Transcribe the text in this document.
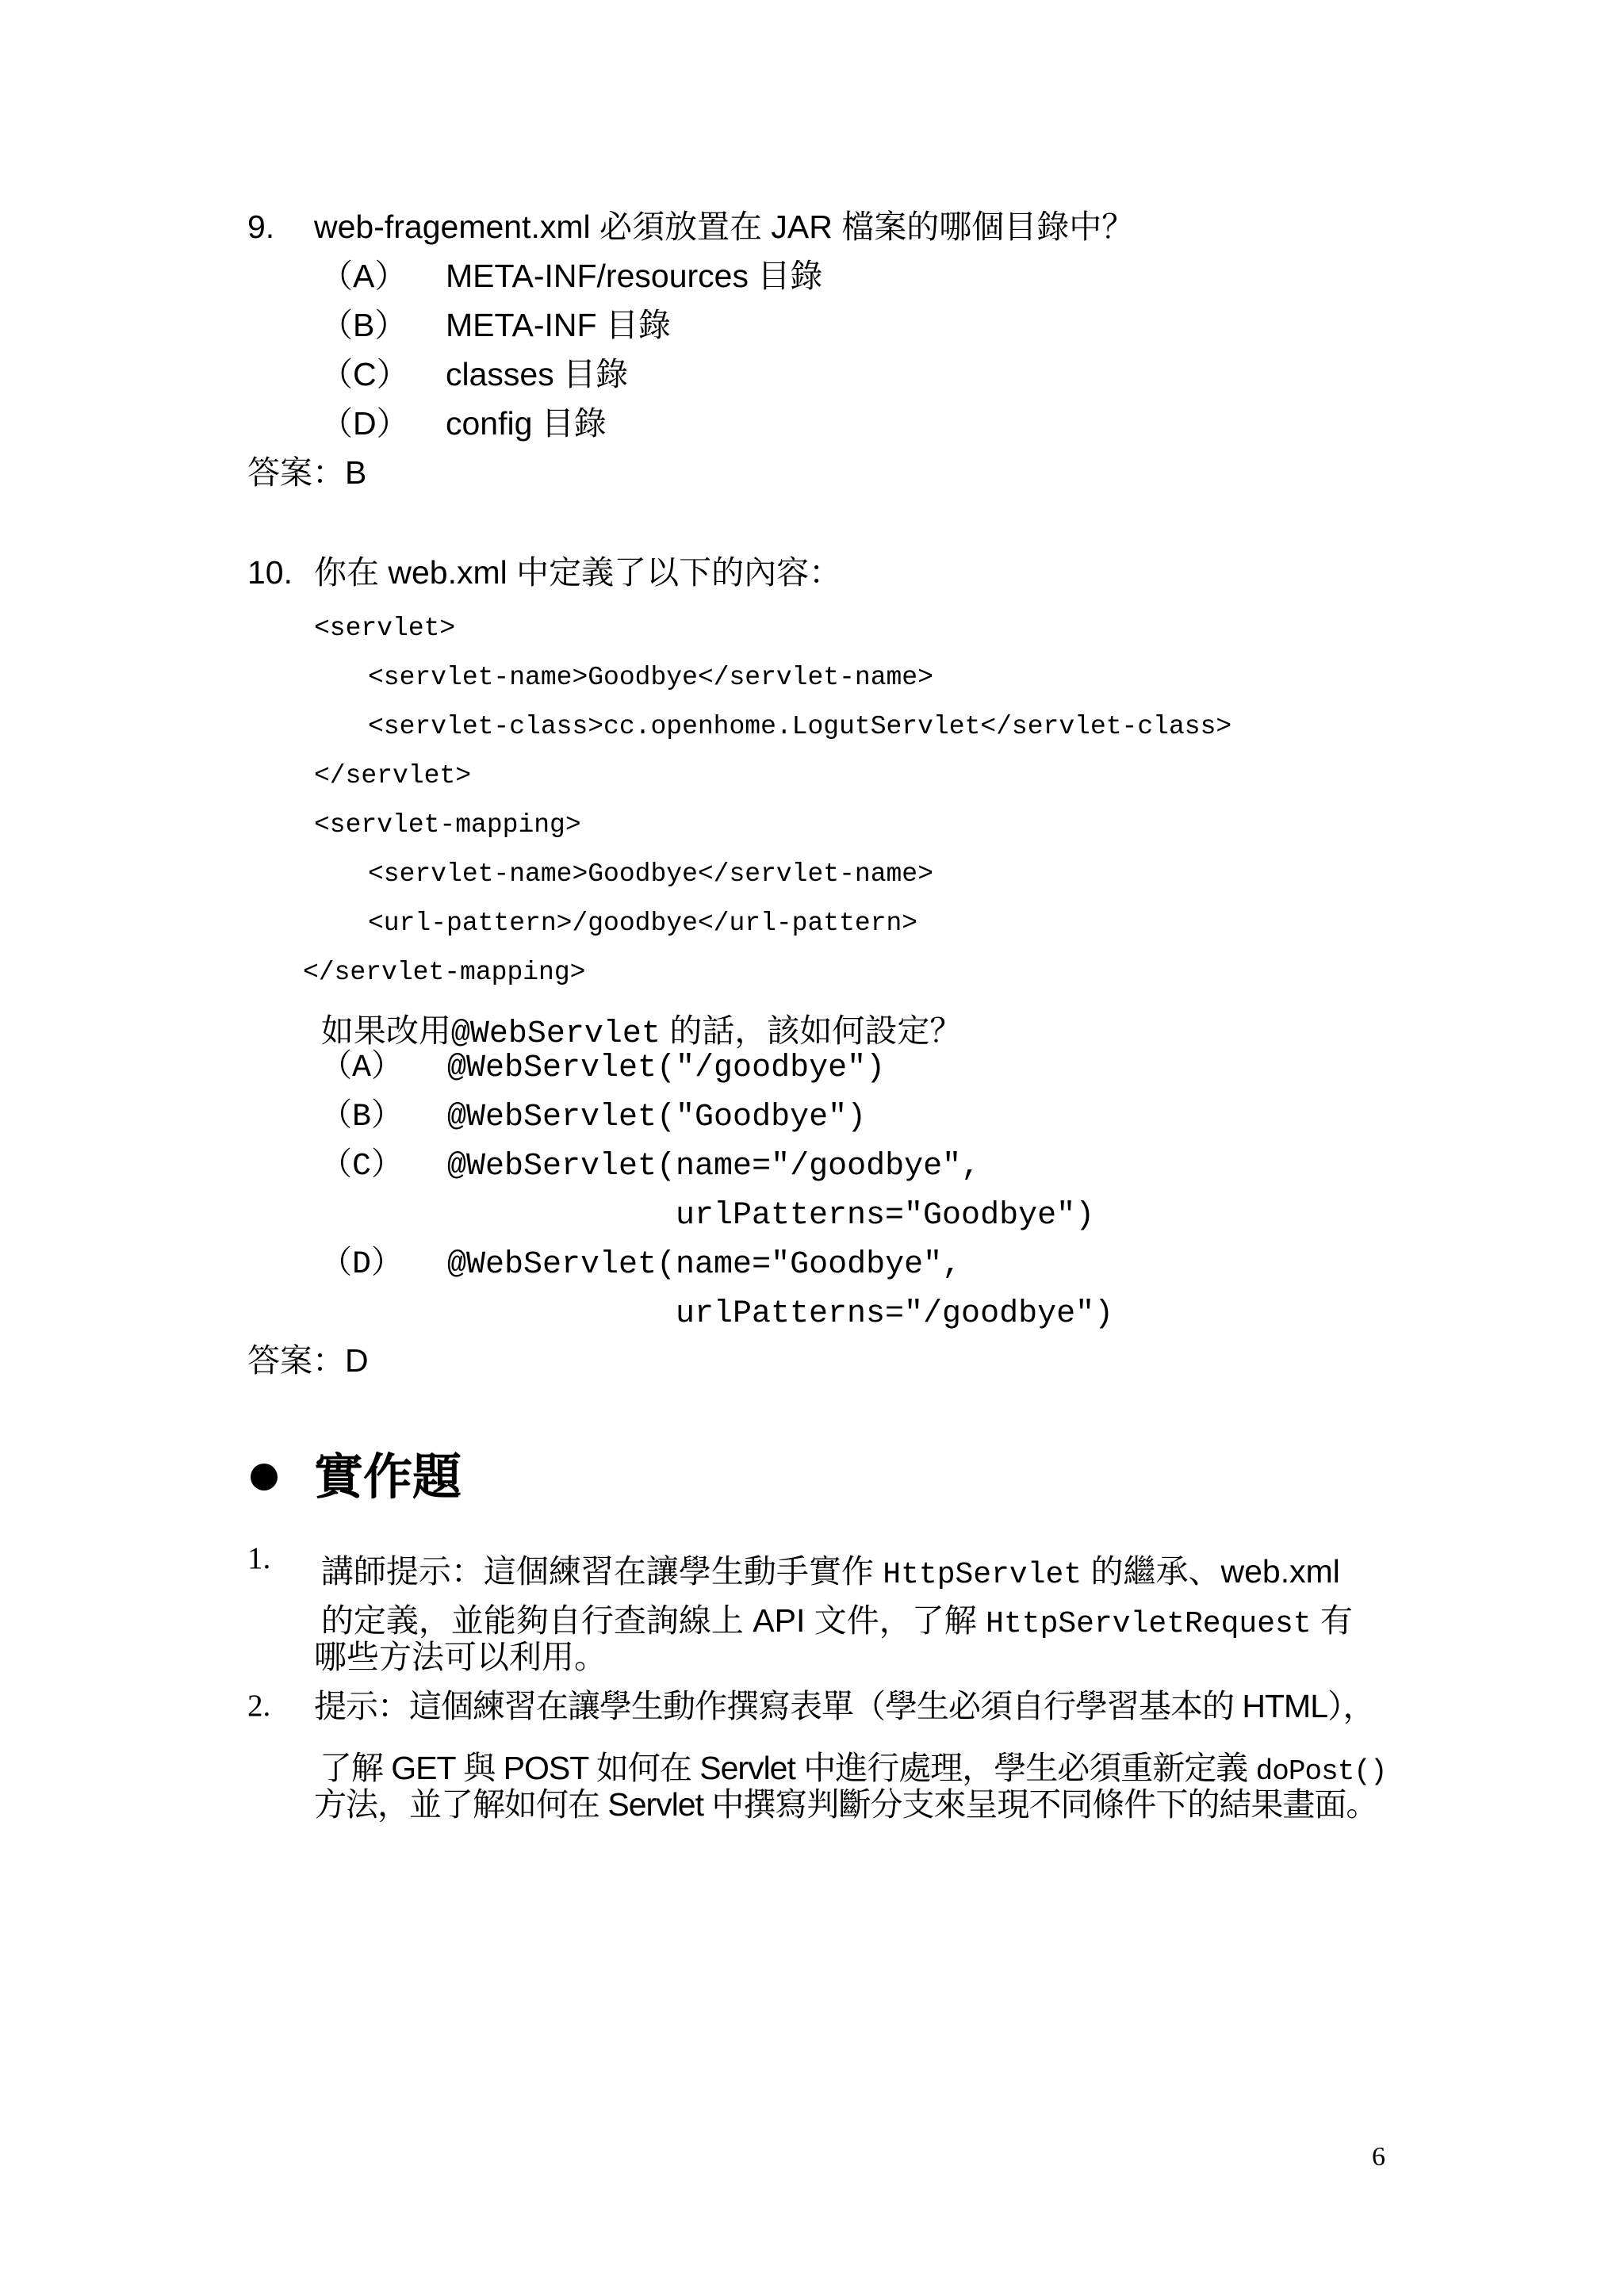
9. web-fragement.xml 必須放置在 JAR 檔案的哪個目錄中？
（A） META-INF/resources 目錄
（B） META-INF 目錄
（C） classes 目錄
（D） config 目錄
答案：B
10. 你在 web.xml 中定義了以下的內容：
<servlet>
<servlet-name>Goodbye</servlet-name>
<servlet-class>cc.openhome.LogutServlet</servlet-class>
</servlet>
<servlet-mapping>
<servlet-name>Goodbye</servlet-name>
<url-pattern>/goodbye</url-pattern>
</servlet-mapping>

如果改用@WebServlet 的話，該如何設定？

（A） @WebServlet("/goodbye")
（B） @WebServlet("Goodbye")
（C） @WebServlet(name="/goodbye",
urlPatterns="Goodbye")
（D） @WebServlet(name="Goodbye",
urlPatterns="/goodbye")
答案：D
實作題
1. 講師提示：這個練習在讓學生動手實作 HttpServlet 的繼承、web.xml

的定義，並能夠自行查詢線上 API 文件，了解 HttpServletRequest 有

哪些方法可以利用。
2. 提示：這個練習在讓學生動作撰寫表單（學生必須自行學習基本的 HTML），

了解 GET 與 POST 如何在 Servlet 中進行處理，學生必須重新定義 doPost()

方法，並了解如何在 Servlet 中撰寫判斷分支來呈現不同條件下的結果畫面。
6
